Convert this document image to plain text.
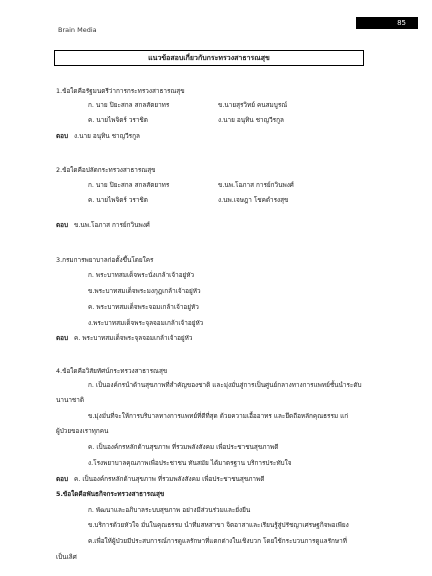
Brain Media
85
แนวข้อสอบเกี่ยวกับกระทรวงสาธารณสุข
1.ข้อใดคือรัฐมนตรีว่าการกระทรวงสาธารณสุข
ก. นาย ปิยะสกล สกลสัตยาทร	ข.นายสุรวิทย์ คนสมบูรณ์
ค. นายไพจิตร์ วราชิต	ง.นาย อนุทิน ชาญวีรกูล
ตอบ ง.นาย อนุทิน ชาญวีรกูล
2.ข้อใดคือปลัดกระทรวงสาธารณสุข
ก. นาย ปิยะสกล สกลสัตยาทร	ข.นพ.โอภาส การย์กวินพงศ์
ค. นายไพจิตร์ วราชิต	ง.นพ.เจษฎา โชคดำรงสุข
ตอบ ข.นพ.โอภาส การย์กวินพงศ์
3.กรมการพยาบาลก่อตั้งขึ้นโดยใคร
ก. พระบาทสมเด็จพระนั่งเกล้าเจ้าอยู่หัว
ข.พระบาทสมเด็จพระมงกุฎเกล้าเจ้าอยู่หัว
ค. พระบาทสมเด็จพระจอมเกล้าเจ้าอยู่หัว
ง.พระบาทสมเด็จพระจุลจอมเกล้าเจ้าอยู่หัว
ตอบ ค. พระบาทสมเด็จพระจุลจอมเกล้าเจ้าอยู่หัว
4.ข้อใดคือวิสัยทัศน์กระทรวงสาธารณสุข
ก. เป็นองค์กรนำด้านสุขภาพที่สำคัญของชาติ และมุ่งมั่นสู่การเป็นศูนย์กลางทางการแพทย์ชั้นนำระดับ
นานาชาติ
ข.มุ่งมั่นที่จะให้การบริบาลทางการแพทย์ที่ดีที่สุด ด้วยความเอื้ออาทร และยึดถือหลักคุณธรรม แก่
ผู้ป่วยของเราทุกคน
ค. เป็นองค์กรหลักด้านสุขภาพ ที่รวมพลังสังคม เพื่อประชาชนสุขภาพดี
ง.โรงพยาบาลคุณภาพเพื่อประชาชน ทันสมัย ได้มาตรฐาน บริการประทับใจ
ตอบ ค. เป็นองค์กรหลักด้านสุขภาพ ที่รวมพลังสังคม เพื่อประชาชนสุขภาพดี
5.ข้อใดคือพันธกิจกระทรวงสาธารณสุข
ก. พัฒนาและอภิบาลระบบสุขภาพ อย่างมีส่วนร่วมและยั่งยืน
ข.บริการด้วยหัวใจ มั่นในคุณธรรม นำที่มสหสาขา จิตอาสาและเรียนรู้สู่ปรัชญาเศรษฐกิจพอเพียง
ค.เพื่อให้ผู้ป่วยมีประสบการณ์การดูแลรักษาที่แตกต่างในเชิงบวก โดยใช้กระบวนการดูแลรักษาที่
เป็นเลิศ
